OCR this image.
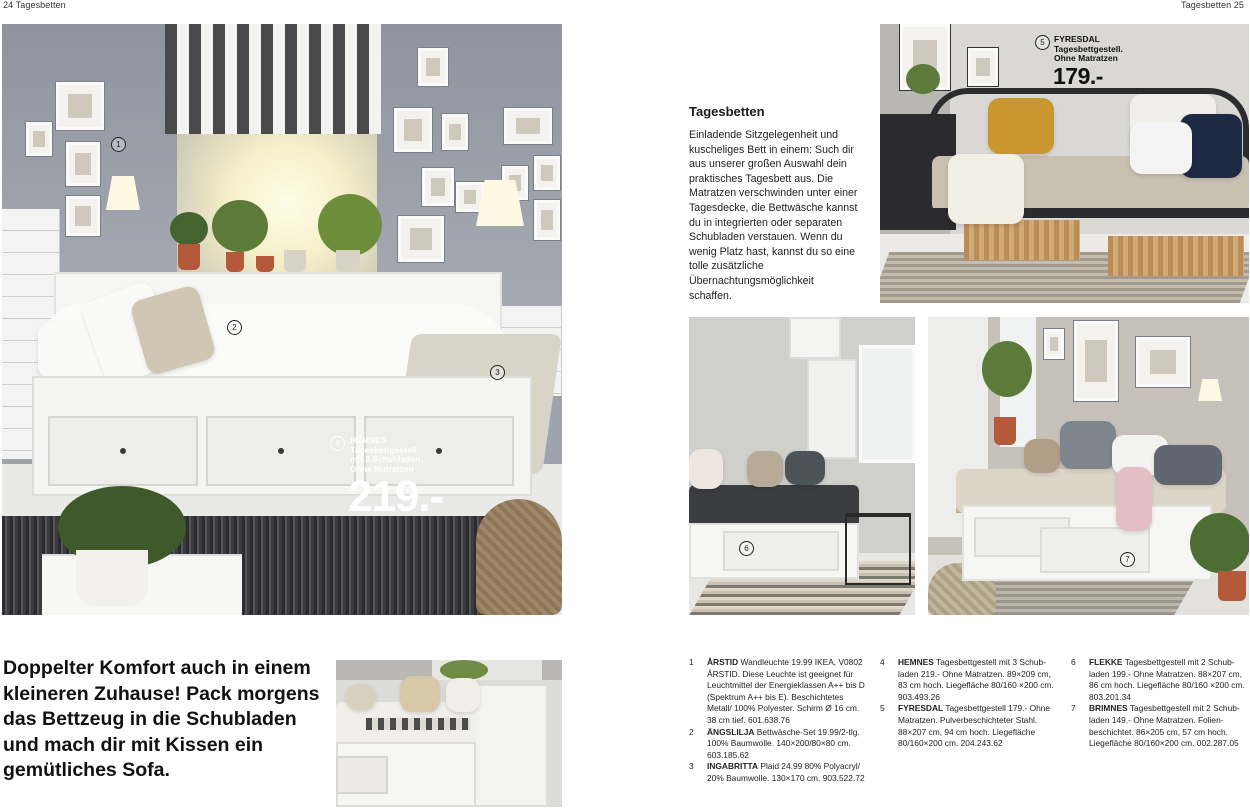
24 Tagesbetten	Tagesbetten 25
1
2
3
4	HEMNES
Tagesbettgestell
mit 3 Schubladen.
Ohne Matratzen
219.-
Tagesbetten

Einladende Sitzgelegenheit und kuscheliges Bett in einem: Such dir aus unserer großen Auswahl dein praktisches Tagesbett aus. Die Matratzen verschwinden unter einer Tagesdecke, die Bettwäsche kannst du in integrierten oder separaten Schubladen verstauen. Wenn du wenig Platz hast, kannst du so eine tolle zusätzliche Übernachtungsmöglichkeit schaffen.

5	FYRESDAL
Tagesbettgestell.
Ohne Matratzen
179.-
6
7
Doppelter Komfort auch in einem kleineren Zuhause! Pack morgens das Bettzeug in die Schubladen und mach dir mit Kissen ein gemütliches Sofa.
1 ÅRSTID Wandleuchte 19.99 IKEA, V0802 ÅRSTID. Diese Leuchte ist geeignet für Leuchtmittel der Energieklassen A++ bis D (Spektrum A++ bis E). Beschichtetes Metall/ 100% Polyester. Schirm Ø 16 cm. 38 cm tief. 601.638.76
2 ÄNGSLILJA Bettwäsche-Set 19.99/2-tlg. 100% Baumwolle. 140×200/80×80 cm. 603.185.62
3 INGABRITTA Plaid 24.99 80% Polyacryl/ 20% Baumwolle. 130×170 cm. 903.522.72
4 HEMNES Tagesbettgestell mit 3 Schubladen 219.- Ohne Matratzen. 89×209 cm, 83 cm hoch. Liegefläche 80/160 ×200 cm. 903.493.26
5 FYRESDAL Tagesbettgestell 179.- Ohne Matratzen. Pulverbeschichteter Stahl. 88×207 cm, 94 cm hoch. Liegefläche 80/160×200 cm. 204.243.62
6 FLEKKE Tagesbettgestell mit 2 Schubladen 199.- Ohne Matratzen. 88×207 cm, 86 cm hoch. Liegefläche 80/160 ×200 cm. 803.201.34
7 BRIMNES Tagesbettgestell mit 2 Schubladen 149.- Ohne Matratzen. Folienbeschichtet. 86×205 cm, 57 cm hoch. Liegefläche 80/160×200 cm. 002.287.05
